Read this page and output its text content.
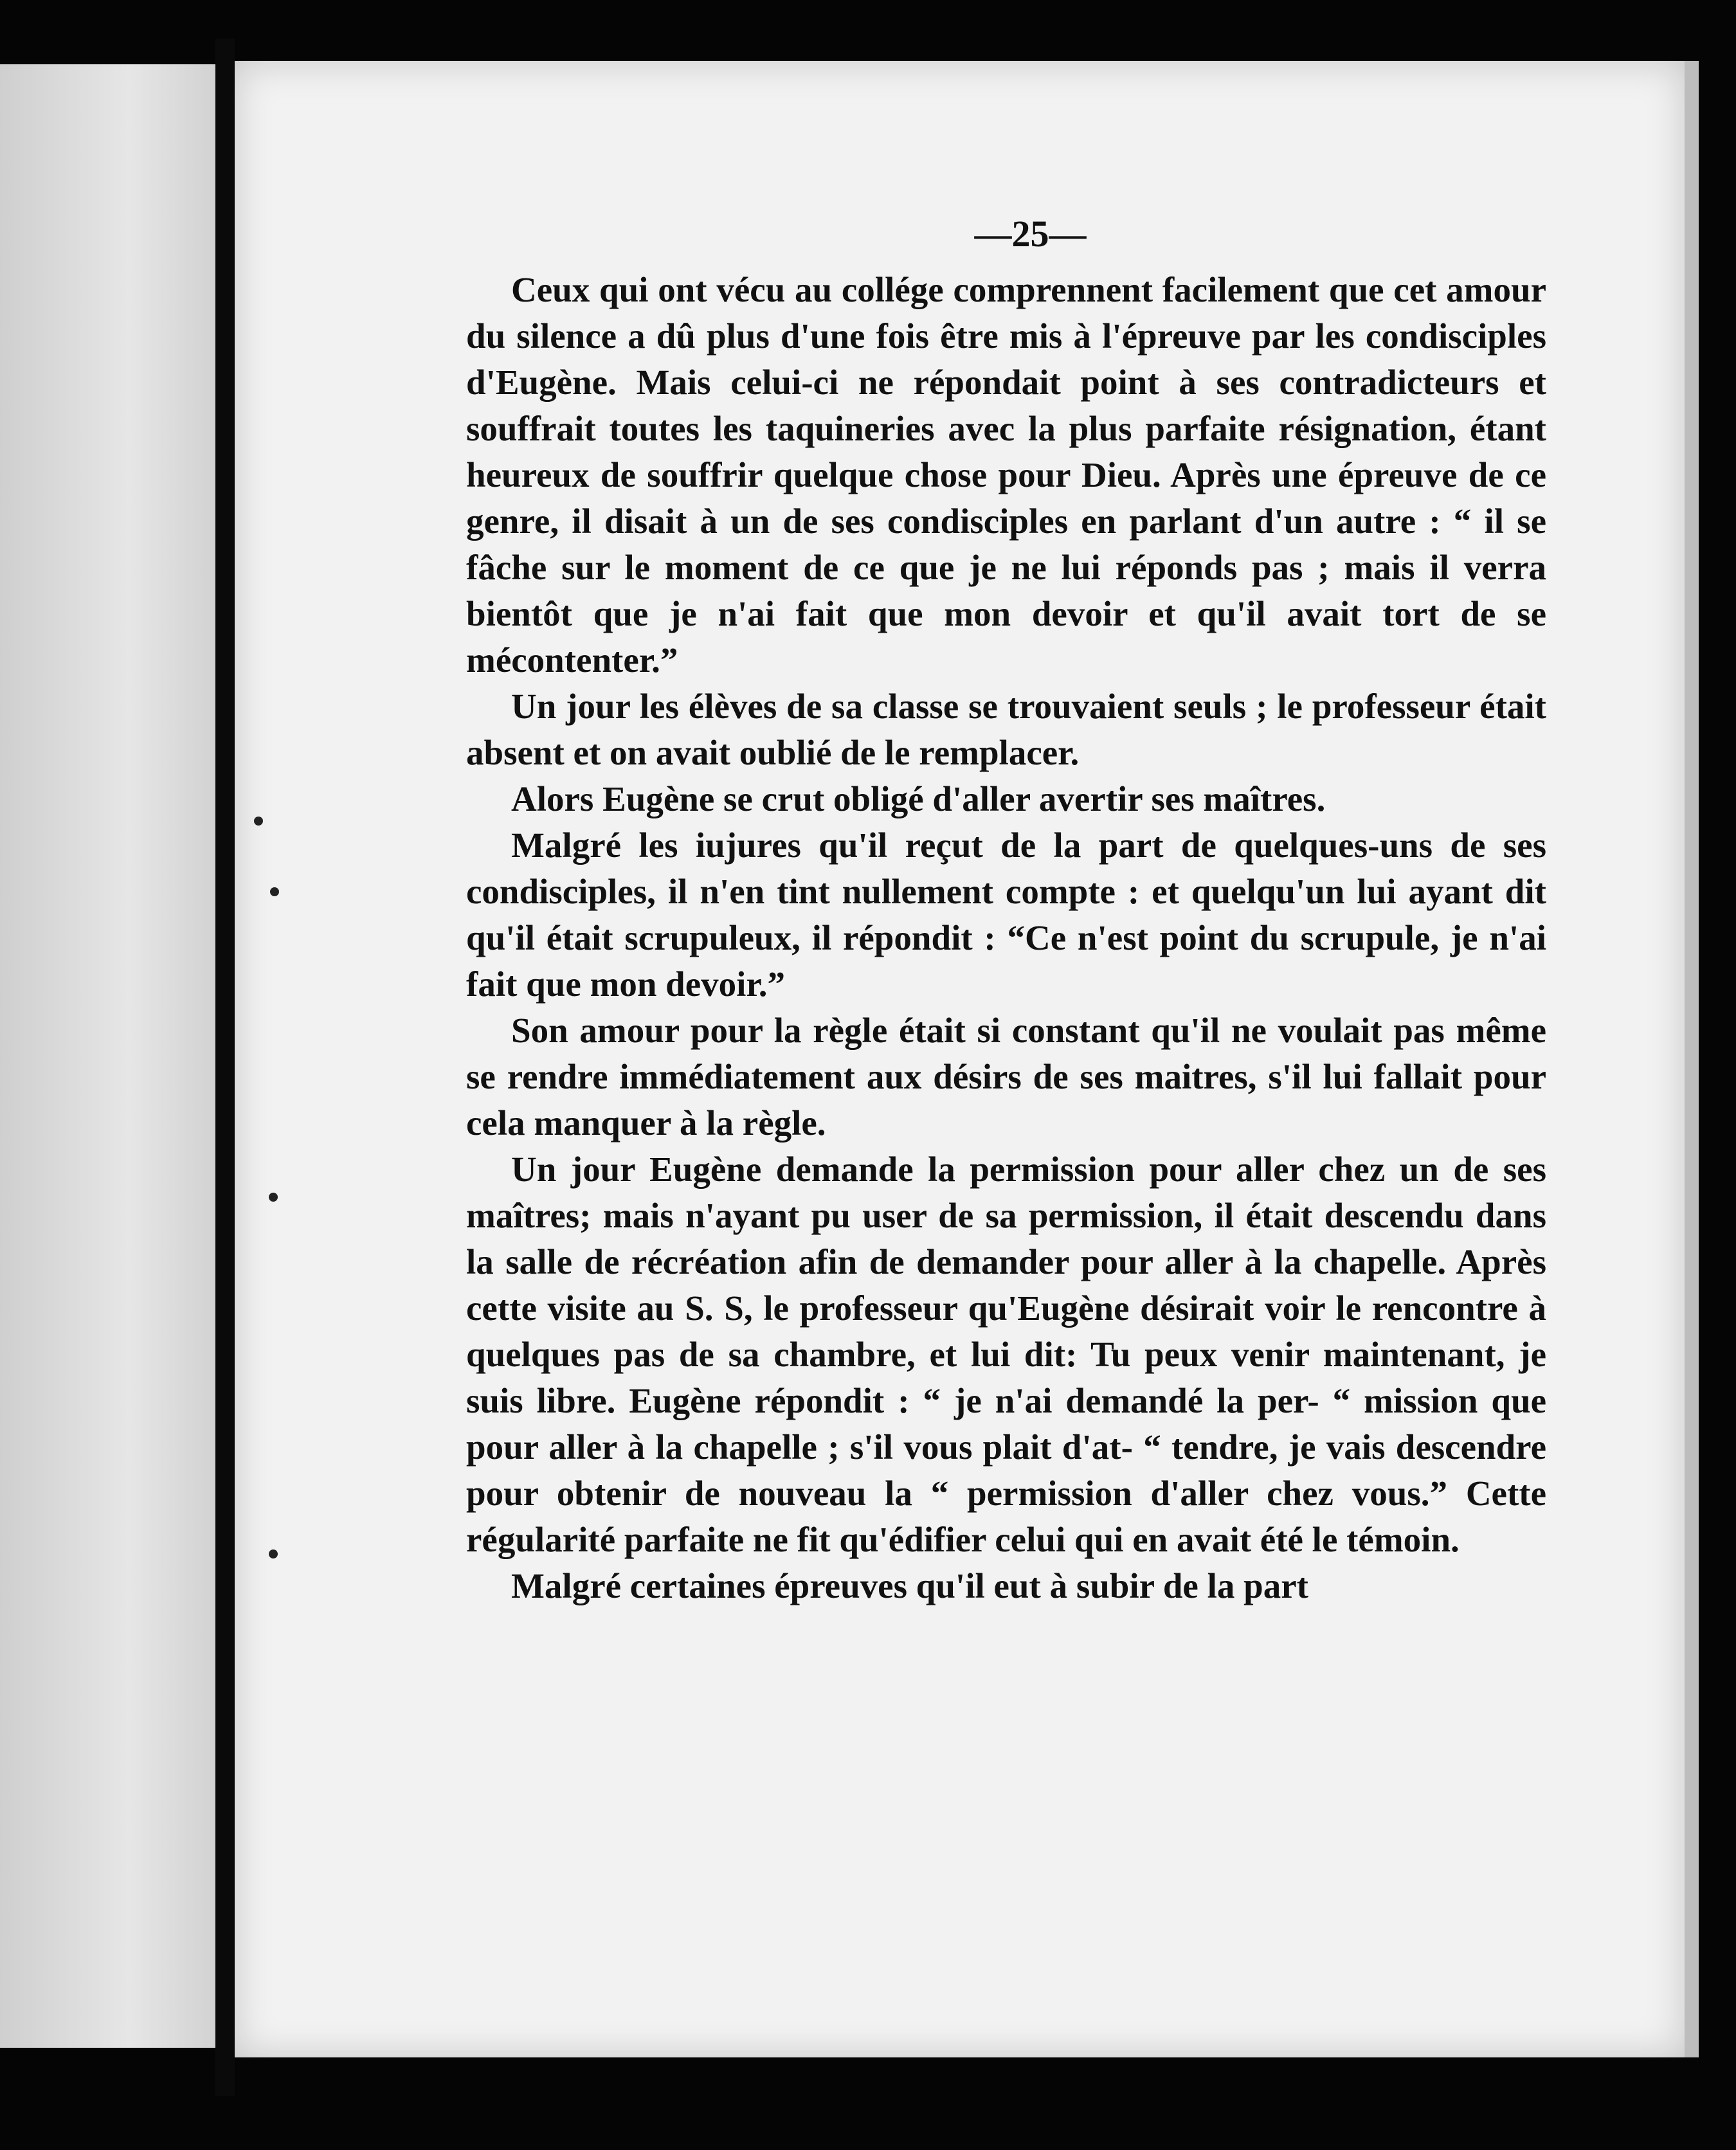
—25—

Ceux qui ont vécu au collége comprennent facilement que cet amour du silence a dû plus d'une fois être mis à l'épreuve par les condisciples d'Eugène. Mais celui-ci ne répondait point à ses contradicteurs et souffrait toutes les taquineries avec la plus parfaite résignation, étant heureux de souffrir quelque chose pour Dieu. Après une épreuve de ce genre, il disait à un de ses condisciples en parlant d'un autre : “ il se fâche sur le moment de ce que je ne lui réponds pas ; mais il verra bientôt que je n'ai fait que mon devoir et qu'il avait tort de se mécontenter.”

Un jour les élèves de sa classe se trouvaient seuls ; le professeur était absent et on avait oublié de le remplacer.

Alors Eugène se crut obligé d'aller avertir ses maîtres.

Malgré les iujures qu'il reçut de la part de quelques-uns de ses condisciples, il n'en tint nullement compte : et quelqu'un lui ayant dit qu'il était scrupuleux, il répondit : “Ce n'est point du scrupule, je n'ai fait que mon devoir.”

Son amour pour la règle était si constant qu'il ne voulait pas même se rendre immédiatement aux désirs de ses maitres, s'il lui fallait pour cela manquer à la règle.

Un jour Eugène demande la permission pour aller chez un de ses maîtres; mais n'ayant pu user de sa permission, il était descendu dans la salle de récréation afin de demander pour aller à la chapelle. Après cette visite au S. S, le professeur qu'Eugène désirait voir le rencontre à quelques pas de sa chambre, et lui dit: Tu peux venir maintenant, je suis libre. Eugène répondit : “ je n'ai demandé la per- “ mission que pour aller à la chapelle ; s'il vous plait d'at- “ tendre, je vais descendre pour obtenir de nouveau la “ permission d'aller chez vous.” Cette régularité parfaite ne fit qu'édifier celui qui en avait été le témoin.

Malgré certaines épreuves qu'il eut à subir de la part
